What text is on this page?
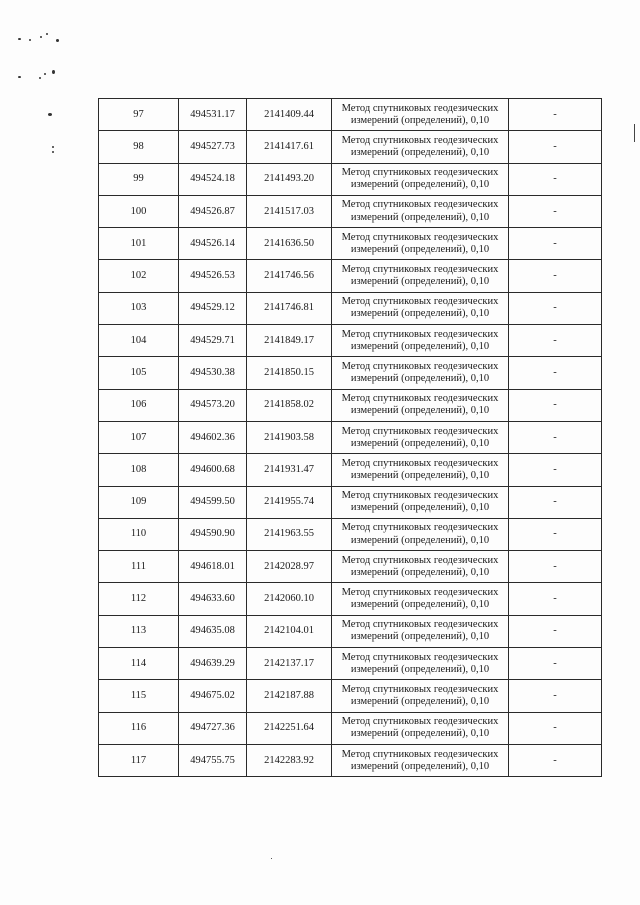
97	494531.17	2141409.44	Метод спутниковых геодезических измерений (определений), 0,10	-
98	494527.73	2141417.61	Метод спутниковых геодезических измерений (определений), 0,10	-
99	494524.18	2141493.20	Метод спутниковых геодезических измерений (определений), 0,10	-
100	494526.87	2141517.03	Метод спутниковых геодезических измерений (определений), 0,10	-
101	494526.14	2141636.50	Метод спутниковых геодезических измерений (определений), 0,10	-
102	494526.53	2141746.56	Метод спутниковых геодезических измерений (определений), 0,10	-
103	494529.12	2141746.81	Метод спутниковых геодезических измерений (определений), 0,10	-
104	494529.71	2141849.17	Метод спутниковых геодезических измерений (определений), 0,10	-
105	494530.38	2141850.15	Метод спутниковых геодезических измерений (определений), 0,10	-
106	494573.20	2141858.02	Метод спутниковых геодезических измерений (определений), 0,10	-
107	494602.36	2141903.58	Метод спутниковых геодезических измерений (определений), 0,10	-
108	494600.68	2141931.47	Метод спутниковых геодезических измерений (определений), 0,10	-
109	494599.50	2141955.74	Метод спутниковых геодезических измерений (определений), 0,10	-
110	494590.90	2141963.55	Метод спутниковых геодезических измерений (определений), 0,10	-
111	494618.01	2142028.97	Метод спутниковых геодезических измерений (определений), 0,10	-
112	494633.60	2142060.10	Метод спутниковых геодезических измерений (определений), 0,10	-
113	494635.08	2142104.01	Метод спутниковых геодезических измерений (определений), 0,10	-
114	494639.29	2142137.17	Метод спутниковых геодезических измерений (определений), 0,10	-
115	494675.02	2142187.88	Метод спутниковых геодезических измерений (определений), 0,10	-
116	494727.36	2142251.64	Метод спутниковых геодезических измерений (определений), 0,10	-
117	494755.75	2142283.92	Метод спутниковых геодезических измерений (определений), 0,10	-
